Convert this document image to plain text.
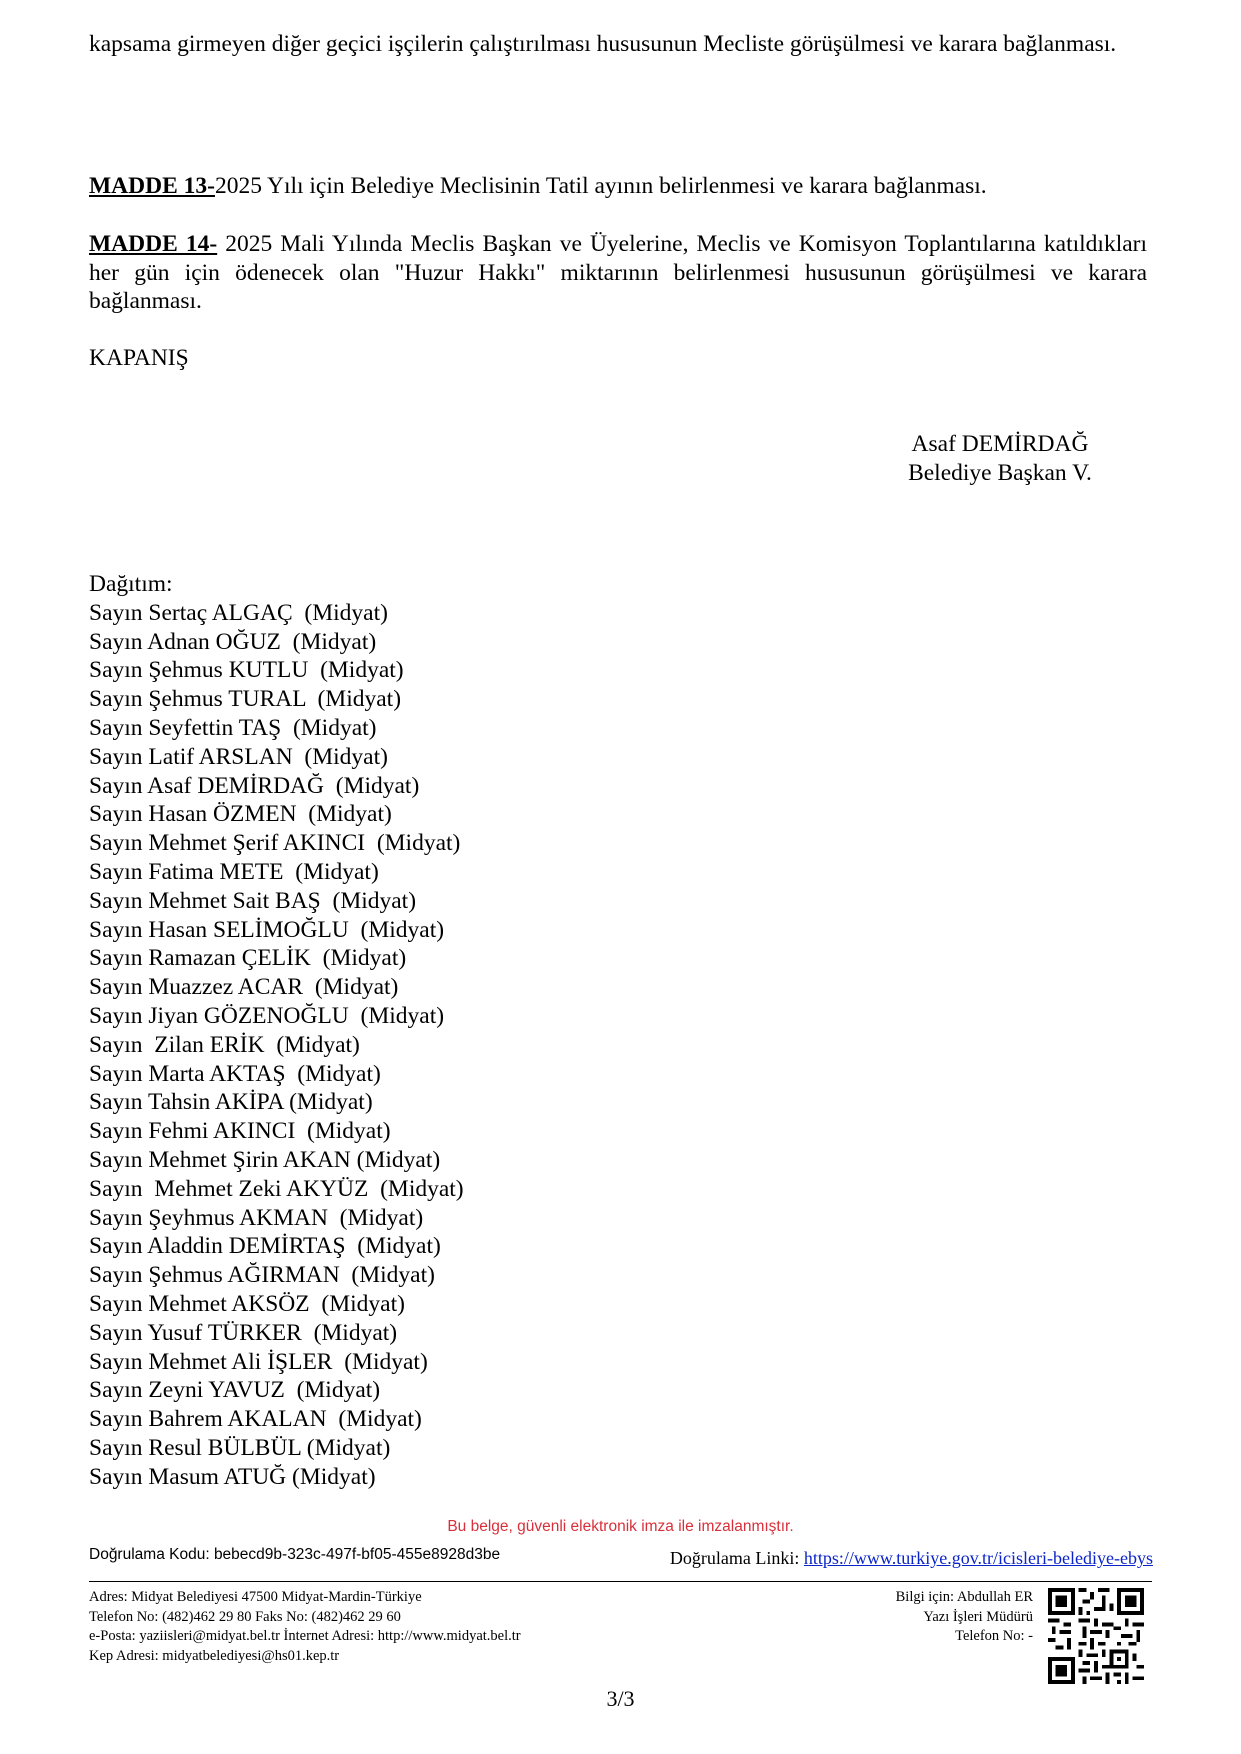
kapsama girmeyen diğer geçici işçilerin çalıştırılması hususunun Mecliste görüşülmesi ve karara bağlanması.

MADDE 13-2025 Yılı için Belediye Meclisinin Tatil ayının belirlenmesi ve karara bağlanması.

MADDE 14- 2025 Mali Yılında Meclis Başkan ve Üyelerine, Meclis ve Komisyon Toplantılarına katıldıkları her gün için ödenecek olan "Huzur Hakkı" miktarının belirlenmesi hususunun görüşülmesi ve karara bağlanması.

KAPANIŞ
Asaf DEMİRDAĞ
Belediye Başkan V.
Dağıtım:
Sayın Sertaç ALGAÇ  (Midyat)
Sayın Adnan OĞUZ  (Midyat)
Sayın Şehmus KUTLU  (Midyat)
Sayın Şehmus TURAL  (Midyat)
Sayın Seyfettin TAŞ  (Midyat)
Sayın Latif ARSLAN  (Midyat)
Sayın Asaf DEMİRDAĞ  (Midyat)
Sayın Hasan ÖZMEN  (Midyat)
Sayın Mehmet Şerif AKINCI  (Midyat)
Sayın Fatima METE  (Midyat)
Sayın Mehmet Sait BAŞ  (Midyat)
Sayın Hasan SELİMOĞLU  (Midyat)
Sayın Ramazan ÇELİK  (Midyat)
Sayın Muazzez ACAR  (Midyat)
Sayın Jiyan GÖZENOĞLU  (Midyat)
Sayın  Zilan ERİK  (Midyat)
Sayın Marta AKTAŞ  (Midyat)
Sayın Tahsin AKİPA (Midyat)
Sayın Fehmi AKINCI  (Midyat)
Sayın Mehmet Şirin AKAN (Midyat)
Sayın  Mehmet Zeki AKYÜZ  (Midyat)
Sayın Şeyhmus AKMAN  (Midyat)
Sayın Aladdin DEMİRTAŞ  (Midyat)
Sayın Şehmus AĞIRMAN  (Midyat)
Sayın Mehmet AKSÖZ  (Midyat)
Sayın Yusuf TÜRKER  (Midyat)
Sayın Mehmet Ali İŞLER  (Midyat)
Sayın Zeyni YAVUZ  (Midyat)
Sayın Bahrem AKALAN  (Midyat)
Sayın Resul BÜLBÜL (Midyat)
Sayın Masum ATUĞ (Midyat)
Bu belge, güvenli elektronik imza ile imzalanmıştır.
Doğrulama Kodu: bebecd9b-323c-497f-bf05-455e8928d3be	Doğrulama Linki: https://www.turkiye.gov.tr/icisleri-belediye-ebys
Adres: Midyat Belediyesi 47500 Midyat-Mardin-Türkiye
Telefon No: (482)462 29 80 Faks No: (482)462 29 60
e-Posta: yaziisleri@midyat.bel.tr İnternet Adresi: http://www.midyat.bel.tr
Kep Adresi: midyatbelediyesi@hs01.kep.tr
Bilgi için: Abdullah ER
Yazı İşleri Müdürü
Telefon No: -
3/3
